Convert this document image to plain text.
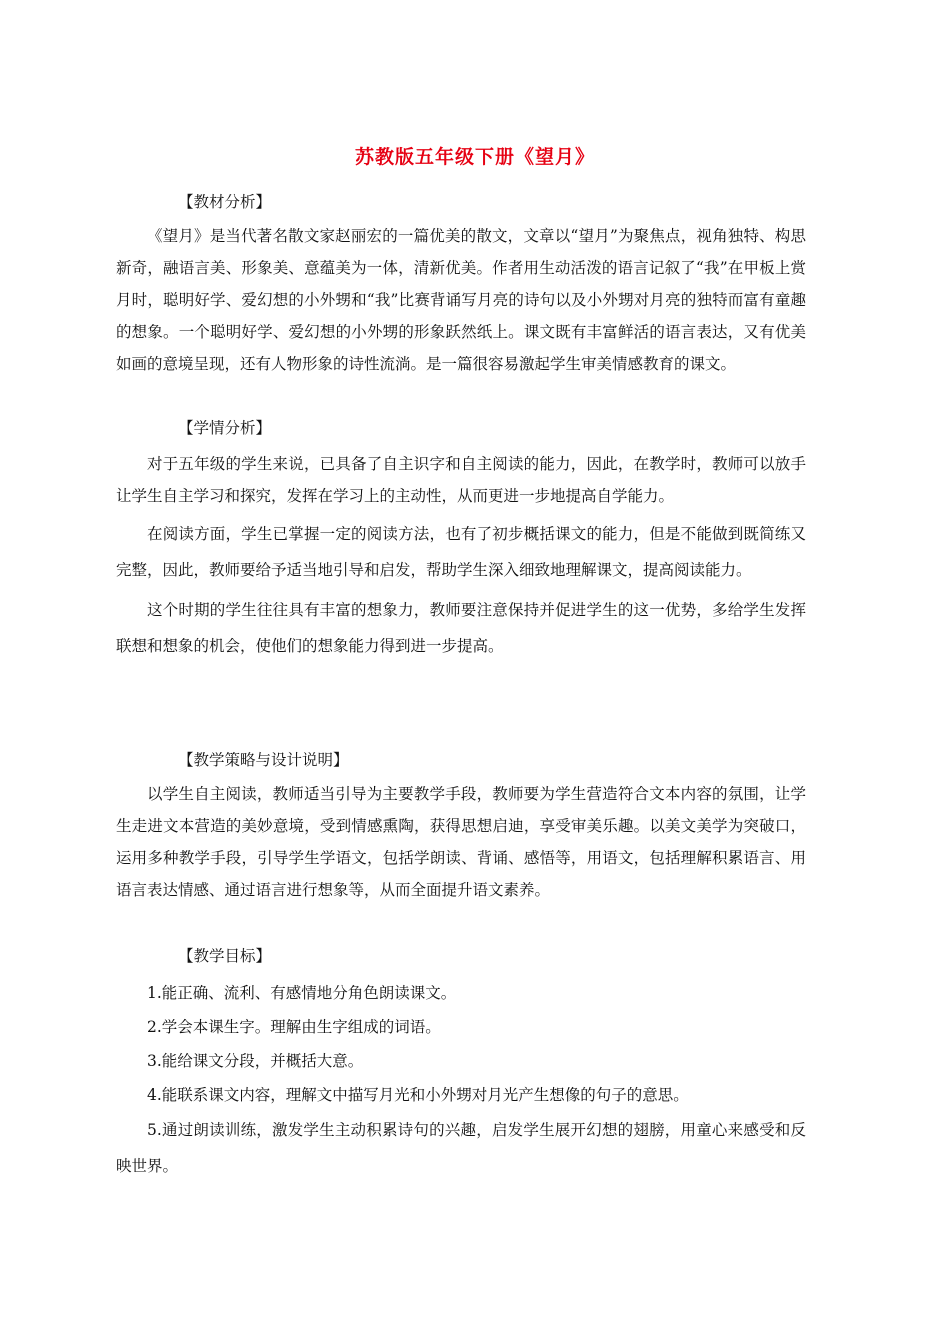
苏教版五年级下册《望月》

【教材分析】

《望月》是当代著名散文家赵丽宏的一篇优美的散文，文章以“望月”为聚焦点，视角独特、构思新奇，融语言美、形象美、意蕴美为一体，清新优美。作者用生动活泼的语言记叙了“我”在甲板上赏月时，聪明好学、爱幻想的小外甥和“我”比赛背诵写月亮的诗句以及小外甥对月亮的独特而富有童趣的想象。一个聪明好学、爱幻想的小外甥的形象跃然纸上。课文既有丰富鲜活的语言表达，又有优美如画的意境呈现，还有人物形象的诗性流淌。是一篇很容易激起学生审美情感教育的课文。

【学情分析】

对于五年级的学生来说，已具备了自主识字和自主阅读的能力，因此，在教学时，教师可以放手让学生自主学习和探究，发挥在学习上的主动性，从而更进一步地提高自学能力。

在阅读方面，学生已掌握一定的阅读方法，也有了初步概括课文的能力，但是不能做到既简练又完整，因此，教师要给予适当地引导和启发，帮助学生深入细致地理解课文，提高阅读能力。

这个时期的学生往往具有丰富的想象力，教师要注意保持并促进学生的这一优势，多给学生发挥联想和想象的机会，使他们的想象能力得到进一步提高。

【教学策略与设计说明】

以学生自主阅读，教师适当引导为主要教学手段，教师要为学生营造符合文本内容的氛围，让学生走进文本营造的美妙意境，受到情感熏陶，获得思想启迪，享受审美乐趣。以美文美学为突破口，运用多种教学手段，引导学生学语文，包括学朗读、背诵、感悟等，用语文，包括理解积累语言、用语言表达情感、通过语言进行想象等，从而全面提升语文素养。

【教学目标】

1.能正确、流利、有感情地分角色朗读课文。

2.学会本课生字。理解由生字组成的词语。

3.能给课文分段，并概括大意。

4.能联系课文内容，理解文中描写月光和小外甥对月光产生想像的句子的意思。

5.通过朗读训练，激发学生主动积累诗句的兴趣，启发学生展开幻想的翅膀，用童心来感受和反映世界。
